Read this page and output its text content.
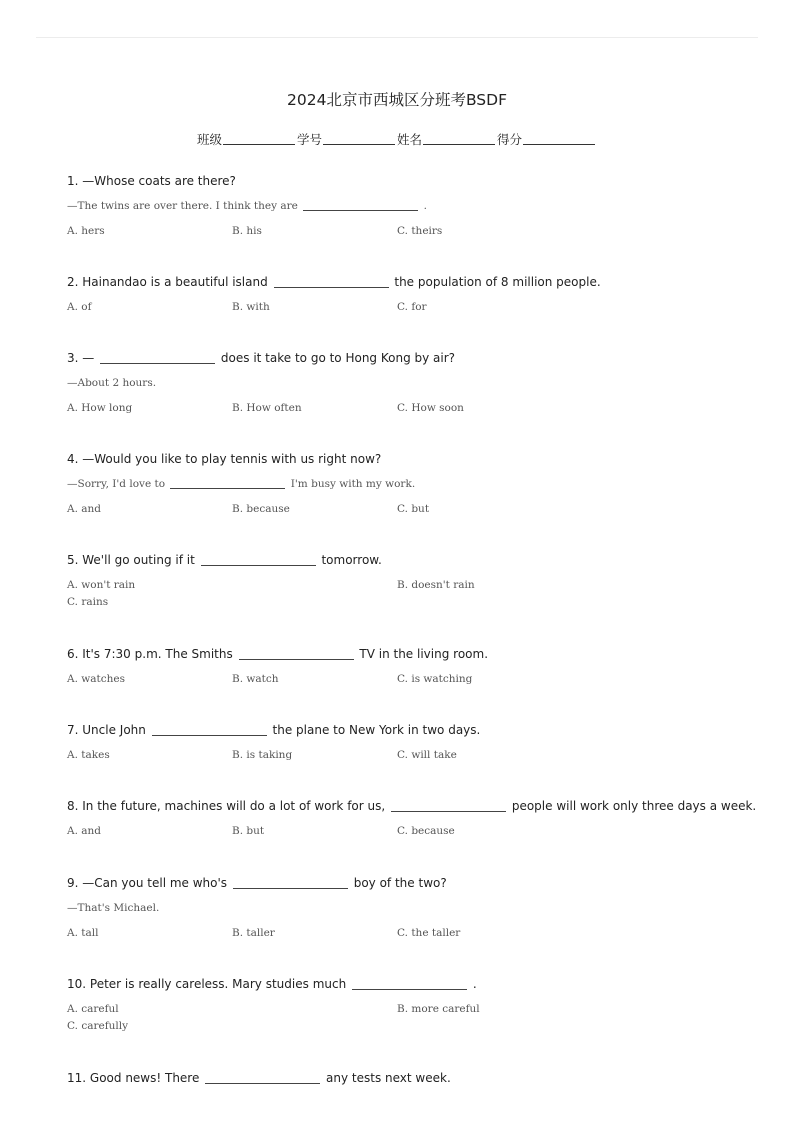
2024北京市西城区分班考BSDF
班级	学号	姓名	得分
1. —Whose coats are there?
—The twins are over there. I think they are	.
A. hers	B. his	C. theirs
2. Hainandao is a beautiful island	the population of 8 million people.
A. of	B. with	C. for
3. —	does it take to go to Hong Kong by air?
—About 2 hours.
A. How long	B. How often	C. How soon
4. —Would you like to play tennis with us right now?
—Sorry, I'd love to	I'm busy with my work.
A. and	B. because	C. but
5. We'll go outing if it	tomorrow.
A. won't rain	B. doesn't rain
C. rains
6. It's 7:30 p.m. The Smiths	TV in the living room.
A. watches	B. watch	C. is watching
7. Uncle John	the plane to New York in two days.
A. takes	B. is taking	C. will take
8. In the future, machines will do a lot of work for us,	people will work only three days a week.
A. and	B. but	C. because
9. —Can you tell me who's	boy of the two?
—That's Michael.
A. tall	B. taller	C. the taller
10. Peter is really careless. Mary studies much	.
A. careful	B. more careful
C. carefully
11. Good news! There	any tests next week.
